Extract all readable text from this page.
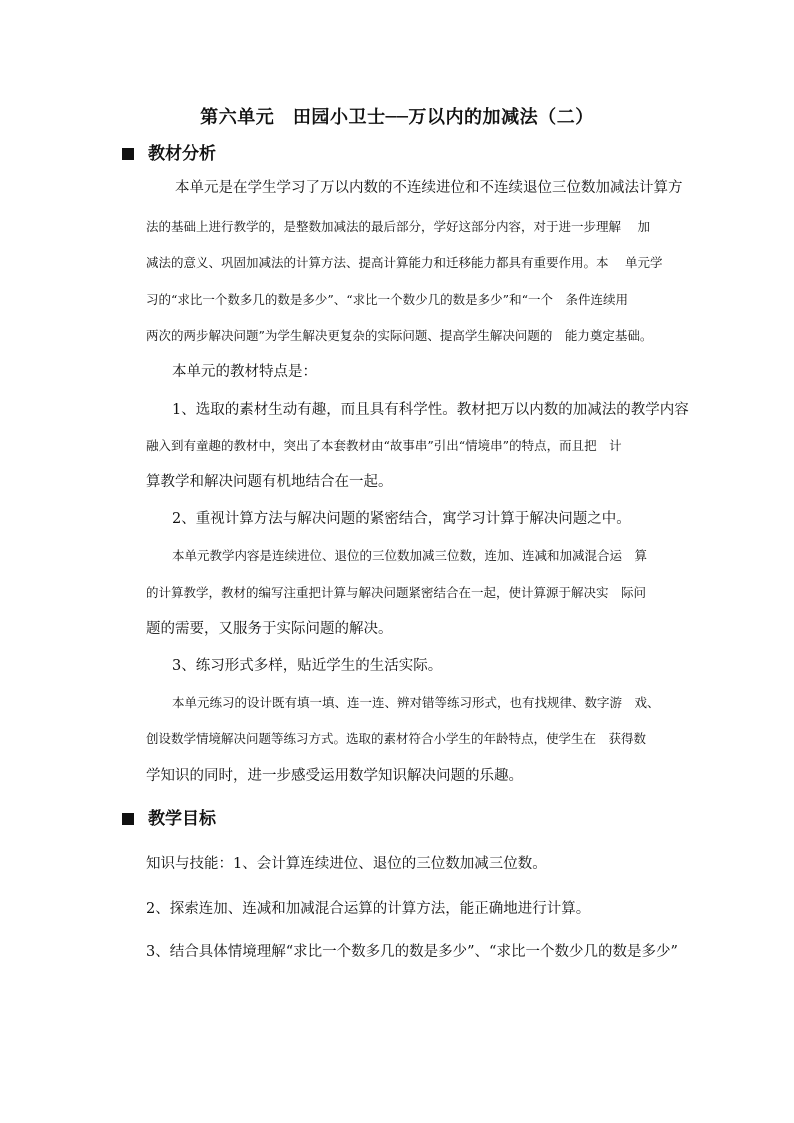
第六单元　田园小卫士──万以内的加减法（二）
教材分析
本单元是在学生学习了万以内数的不连续进位和不连续退位三位数加减法计算方
法的基础上进行教学的，是整数加减法的最后部分，学好这部分内容，对于进一步理解　 加
减法的意义、巩固加减法的计算方法、提高计算能力和迁移能力都具有重要作用。本　 单元学
习的“求比一个数多几的数是多少”、“求比一个数少几的数是多少”和“一个　条件连续用
两次的两步解决问题”为学生解决更复杂的实际问题、提高学生解决问题的　能力奠定基础。
本单元的教材特点是：
1、选取的素材生动有趣，而且具有科学性。教材把万以内数的加减法的教学内容
融入到有童趣的教材中，突出了本套教材由“故事串”引出“情境串”的特点，而且把　计
算教学和解决问题有机地结合在一起。
2、重视计算方法与解决问题的紧密结合，寓学习计算于解决问题之中。
本单元教学内容是连续进位、退位的三位数加减三位数，连加、连减和加减混合运　算
的计算教学，教材的编写注重把计算与解决问题紧密结合在一起，使计算源于解决实　际问
题的需要，又服务于实际问题的解决。
3、练习形式多样，贴近学生的生活实际。
本单元练习的设计既有填一填、连一连、辨对错等练习形式，也有找规律、数字游　戏、
创设数学情境解决问题等练习方式。选取的素材符合小学生的年龄特点，使学生在　获得数
学知识的同时，进一步感受运用数学知识解决问题的乐趣。
教学目标
知识与技能：1、会计算连续进位、退位的三位数加减三位数。
2、探索连加、连减和加减混合运算的计算方法，能正确地进行计算。
3、结合具体情境理解“求比一个数多几的数是多少”、“求比一个数少几的数是多少”
